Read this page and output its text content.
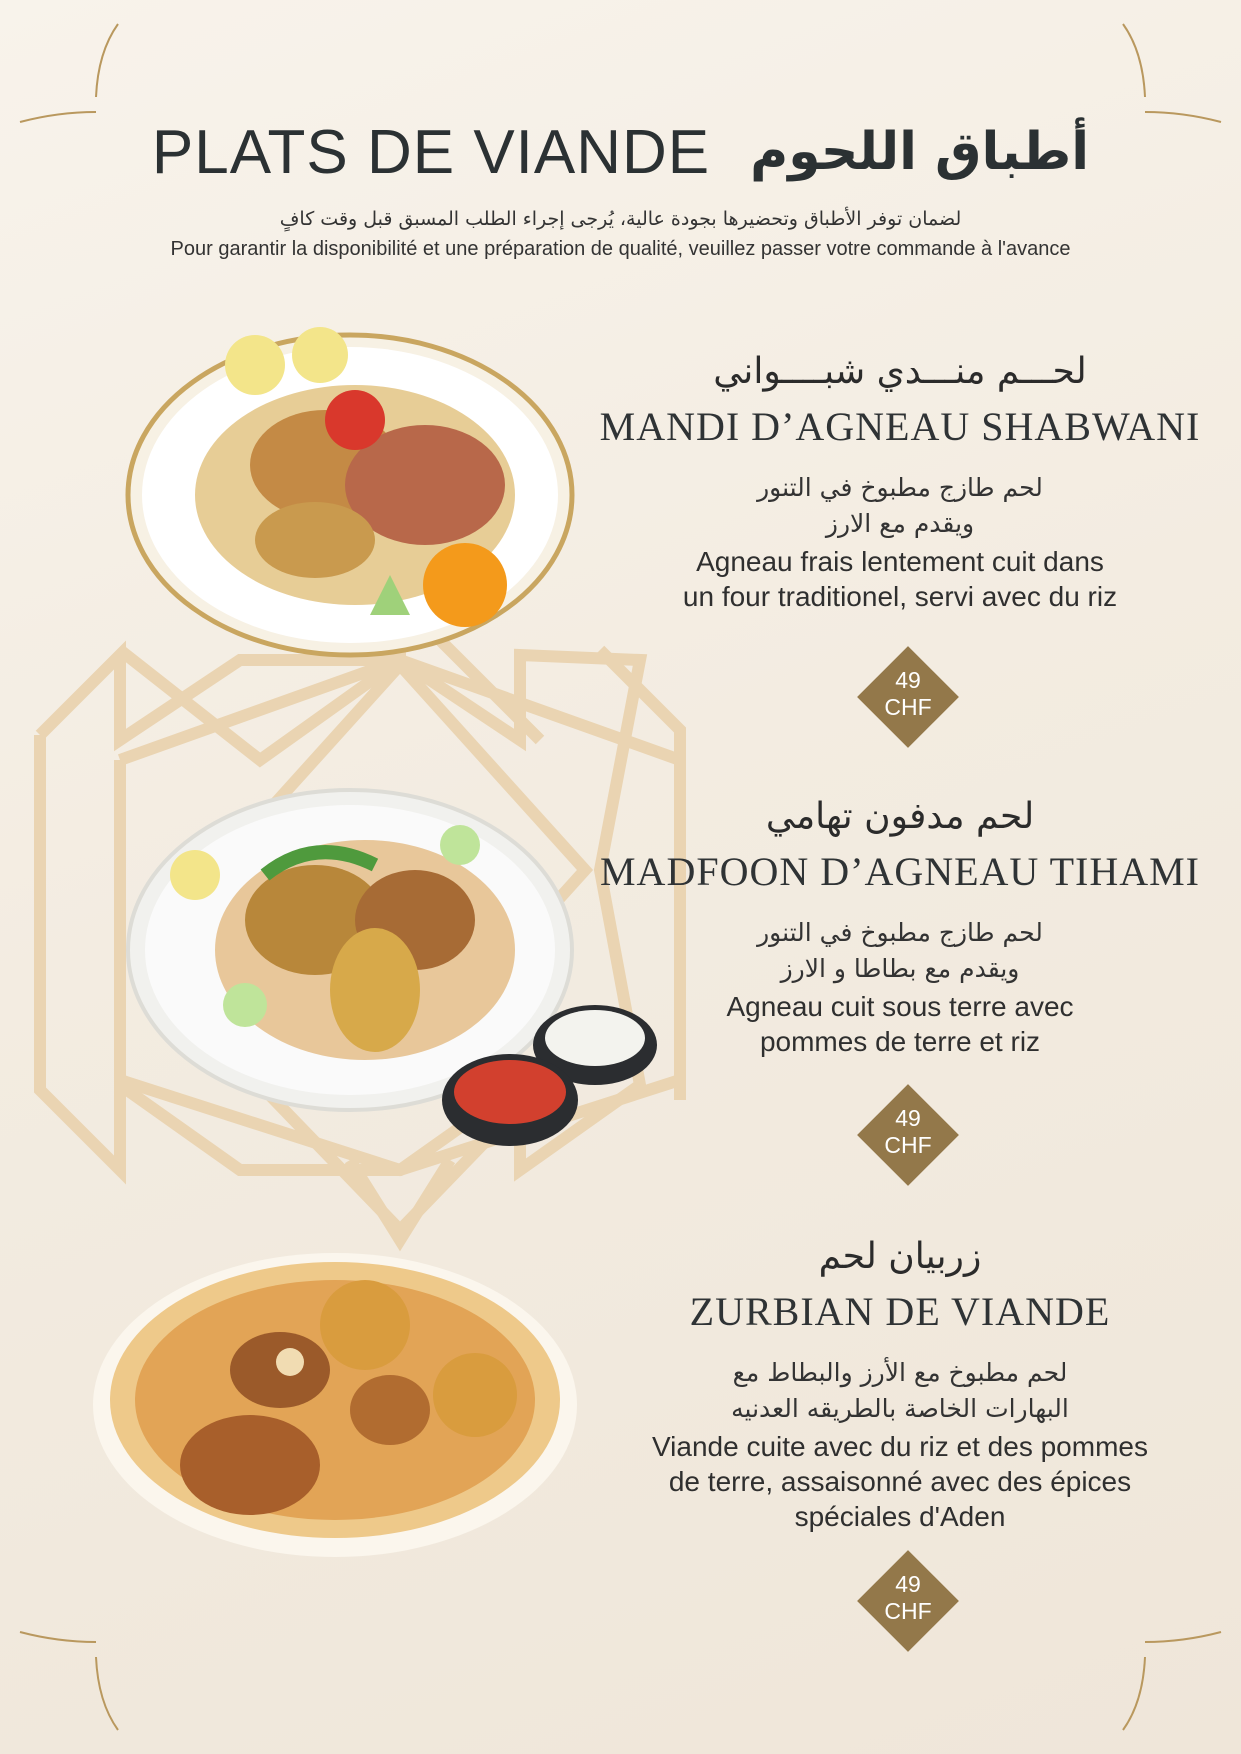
PLATS DE VIANDE أطباق اللحوم
لضمان توفر الأطباق وتحضيرها بجودة عالية، يُرجى إجراء الطلب المسبق قبل وقت كافٍ
Pour garantir la disponibilité et une préparation de qualité, veuillez passer votre commande à l'avance

لحـــم منـــدي شبــــواني

MANDI D’AGNEAU SHABWANI

لحم طازج مطبوخ في التنور
ويقدم مع الارز
Agneau frais lentement cuit dans
un four traditionel, servi avec du riz
49
CHF

لحم مدفون تهامي

MADFOON D’AGNEAU TIHAMI

لحم طازج مطبوخ في التنور
ويقدم مع بطاطا و الارز
Agneau cuit sous terre avec
pommes de terre et riz
49
CHF

زربيان لحم

ZURBIAN DE VIANDE

لحم مطبوخ مع الأرز والبطاط مع
البهارات الخاصة بالطريقه العدنيه
Viande cuite avec du riz et des pommes
de terre, assaisonné avec des épices
spéciales d'Aden
49
CHF
